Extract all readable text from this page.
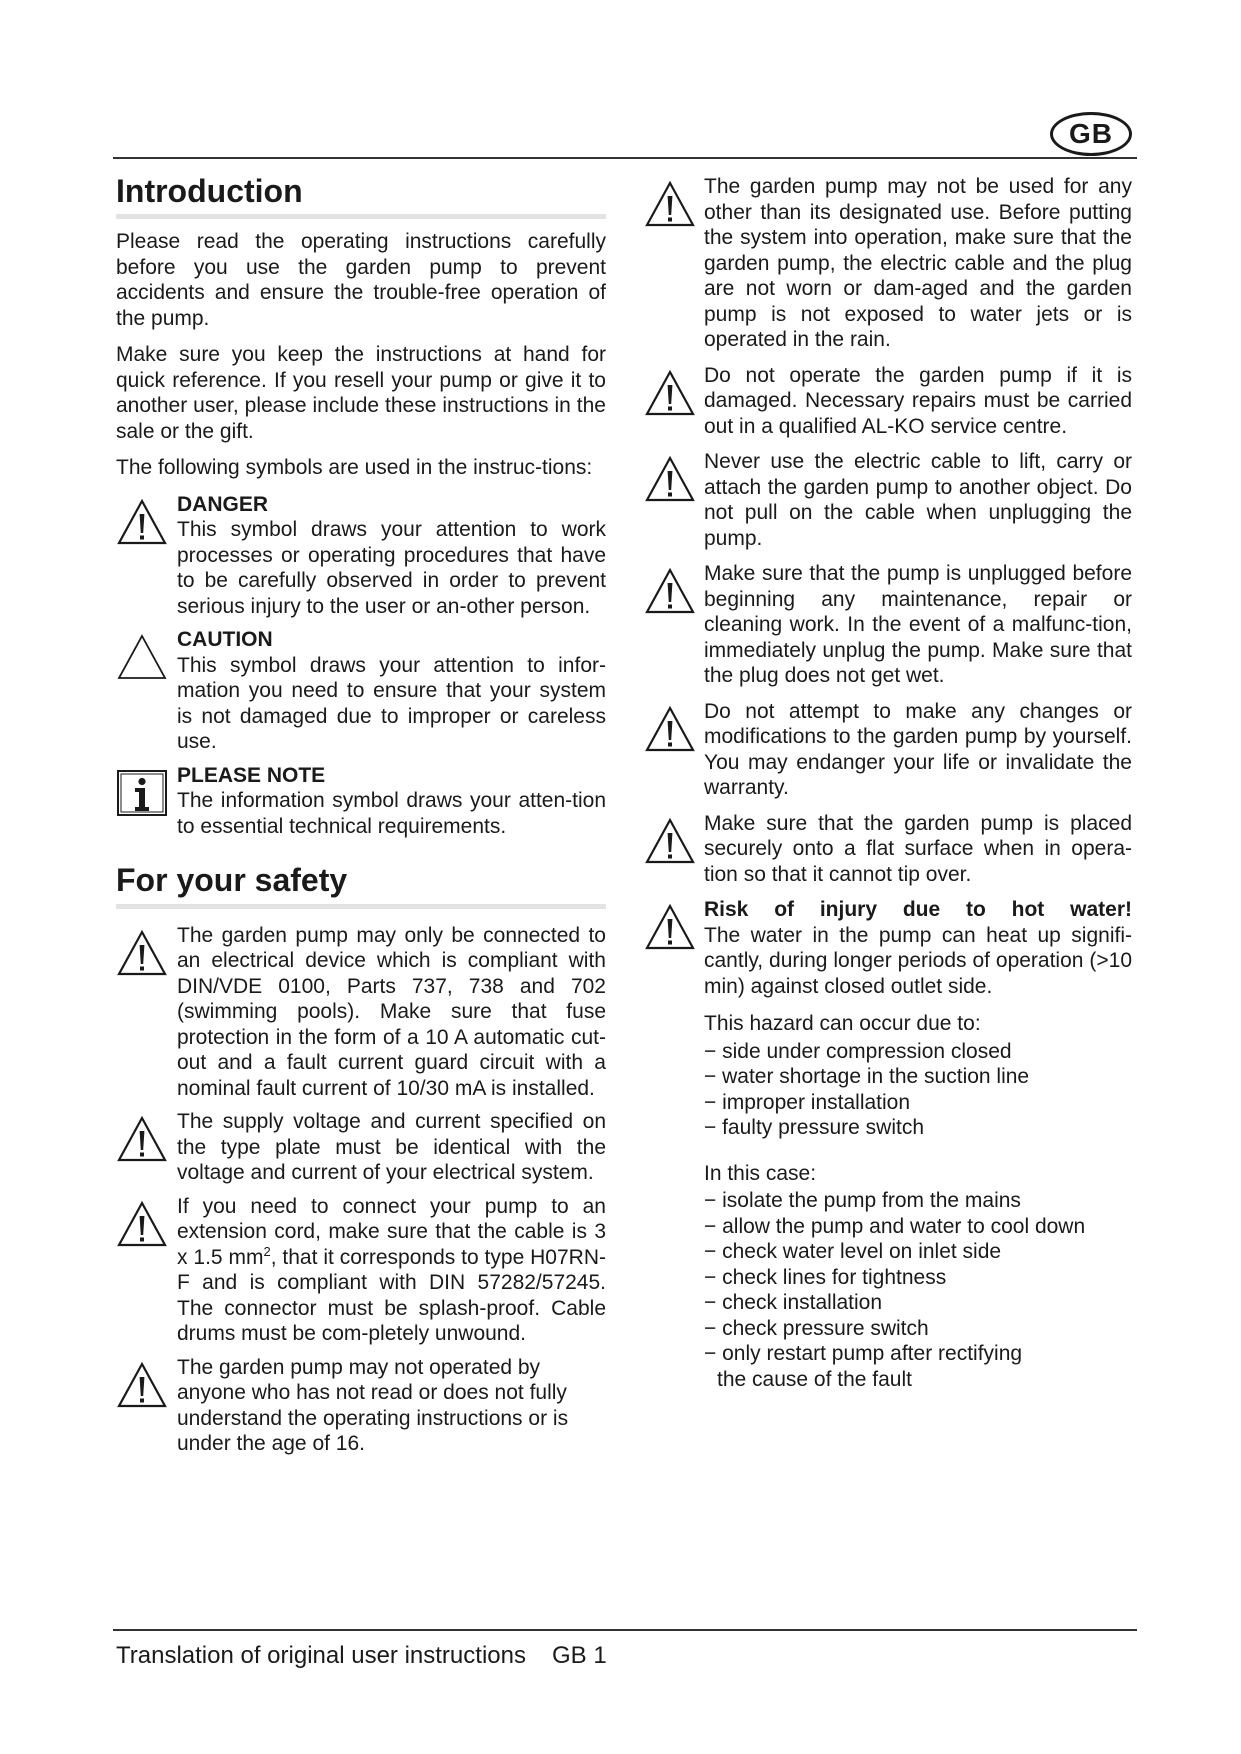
GB
Introduction

Please read the operating instructions carefully before you use the garden pump to prevent accidents and ensure the trouble-free operation of the pump.

Make sure you keep the instructions at hand for quick reference. If you resell your pump or give it to another user, please include these instructions in the sale or the gift.

The following symbols are used in the instruc-tions:

DANGER
This symbol draws your attention to work processes or operating procedures that have to be carefully observed in order to prevent serious injury to the user or an-other person.
CAUTION
This symbol draws your attention to infor-mation you need to ensure that your system is not damaged due to improper or careless use.
PLEASE NOTE
The information symbol draws your atten-tion to essential technical requirements.
For your safety
The garden pump may only be connected to an electrical device which is compliant with DIN/VDE 0100, Parts 737, 738 and 702 (swimming pools). Make sure that fuse protection in the form of a 10 A automatic cut-out and a fault current guard circuit with a nominal fault current of 10/30 mA is installed.
The supply voltage and current specified on the type plate must be identical with the voltage and current of your electrical system.
If you need to connect your pump to an extension cord, make sure that the cable is 3 x 1.5 $mm^2$, that it corresponds to type H07RN-F and is compliant with DIN 57282/57245. The connector must be splash-proof. Cable drums must be com-pletely unwound.
The garden pump may not operated by anyone who has not read or does not fully understand the operating instructions or is under the age of 16.
The garden pump may not be used for any other than its designated use. Before putting the system into operation, make sure that the garden pump, the electric cable and the plug are not worn or dam-aged and the garden pump is not exposed to water jets or is operated in the rain.
Do not operate the garden pump if it is damaged. Necessary repairs must be carried out in a qualified AL-KO service centre.
Never use the electric cable to lift, carry or attach the garden pump to another object. Do not pull on the cable when unplugging the pump.
Make sure that the pump is unplugged before beginning any maintenance, repair or cleaning work. In the event of a malfunc-tion, immediately unplug the pump. Make sure that the plug does not get wet.
Do not attempt to make any changes or modifications to the garden pump by yourself. You may endanger your life or invalidate the warranty.
Make sure that the garden pump is placed securely onto a flat surface when in opera-tion so that it cannot tip over.
Risk of injury due to hot water!
The water in the pump can heat up signifi-cantly, during longer periods of operation (>10 min) against closed outlet side.
This hazard can occur due to:
− side under compression closed
− water shortage in the suction line
− improper installation
− faulty pressure switch
In this case:
− isolate the pump from the mains
− allow the pump and water to cool down
− check water level on inlet side
− check lines for tightness
− check installation
− check pressure switch
− only restart pump after rectifying the cause of the fault
Translation of original user instructions GB 1
